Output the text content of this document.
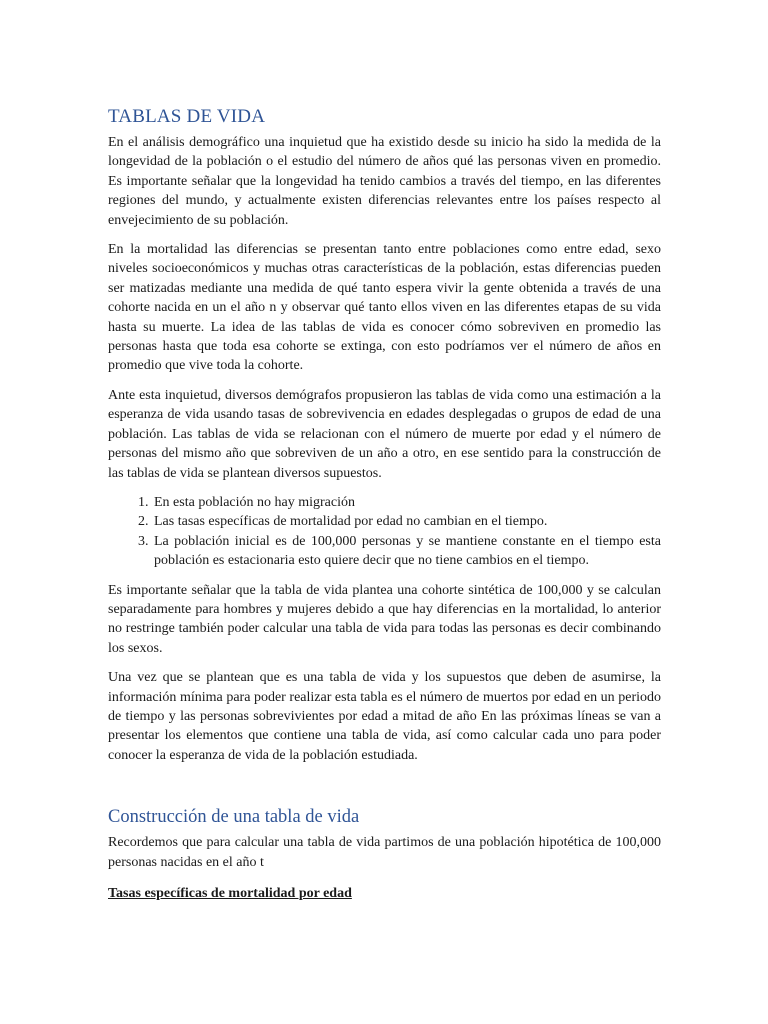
TABLAS DE VIDA

En el análisis demográfico una inquietud que ha existido desde su inicio ha sido la medida de la longevidad de la población o el estudio del número de años qué las personas viven en promedio. Es importante señalar que la longevidad ha tenido cambios a través del tiempo, en las diferentes regiones del mundo, y actualmente existen diferencias relevantes entre los países respecto al envejecimiento de su población.

En la mortalidad las diferencias se presentan tanto entre poblaciones como entre edad, sexo niveles socioeconómicos y muchas otras características de la población, estas diferencias pueden ser matizadas mediante una medida de qué tanto espera vivir la gente obtenida a través de una cohorte nacida en un el año n y observar qué tanto ellos viven en las diferentes etapas de su vida hasta su muerte. La idea de las tablas de vida es conocer cómo sobreviven en promedio las personas hasta que toda esa cohorte se extinga, con esto podríamos ver el número de años en promedio que vive toda la cohorte.

Ante esta inquietud, diversos demógrafos propusieron las tablas de vida como una estimación a la esperanza de vida usando tasas de sobrevivencia en edades desplegadas o grupos de edad de una población. Las tablas de vida se relacionan con el número de muerte por edad y el número de personas del mismo año que sobreviven de un año a otro, en ese sentido para la construcción de las tablas de vida se plantean diversos supuestos.

1. En esta población no hay migración
2. Las tasas específicas de mortalidad por edad no cambian en el tiempo.
3. La población inicial es de 100,000 personas y se mantiene constante en el tiempo esta población es estacionaria esto quiere decir que no tiene cambios en el tiempo.

Es importante señalar que la tabla de vida plantea una cohorte sintética de 100,000 y se calculan separadamente para hombres y mujeres debido a que hay diferencias en la mortalidad, lo anterior no restringe también poder calcular una tabla de vida para todas las personas es decir combinando los sexos.

Una vez que se plantean que es una tabla de vida y los supuestos que deben de asumirse, la información mínima para poder realizar esta tabla es el número de muertos por edad en un periodo de tiempo y las personas sobrevivientes por edad a mitad de año En las próximas líneas se van a presentar los elementos que contiene una tabla de vida, así como calcular cada uno para poder conocer la esperanza de vida de la población estudiada.

Construcción de una tabla de vida

Recordemos que para calcular una tabla de vida partimos de una población hipotética de 100,000 personas nacidas en el año t

Tasas específicas de mortalidad por edad
